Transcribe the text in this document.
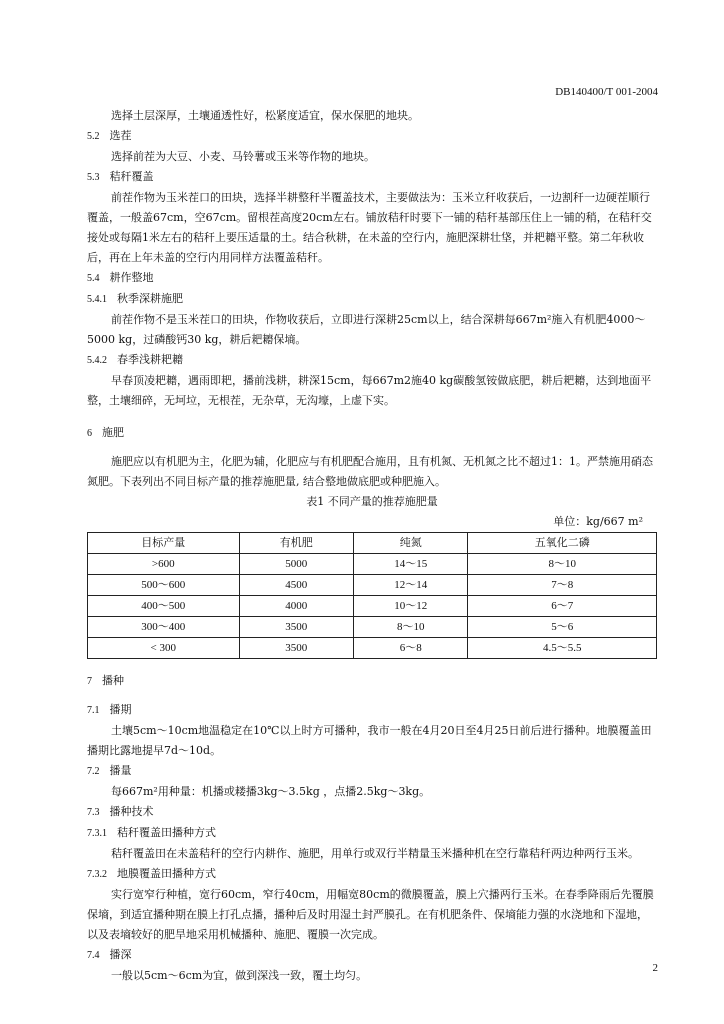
DB140400/T 001-2004

选择土层深厚，土壤通透性好，松紧度适宜，保水保肥的地块。

5.2 选茬

选择前茬为大豆、小麦、马铃薯或玉米等作物的地块。

5.3 秸秆覆盖

前茬作物为玉米茬口的田块，选择半耕整秆半覆盖技术，主要做法为：玉米立秆收获后，一边割秆一边硬茬顺行覆盖，一般盖67cm，空67cm。留根茬高度20cm左右。铺放秸秆时要下一铺的秸秆基部压住上一铺的稍，在秸秆交接处或每隔1米左右的秸秆上要压适量的土。结合秋耕，在未盖的空行内，施肥深耕壮垡，并耙耱平整。第二年秋收后，再在上年未盖的空行内用同样方法覆盖秸秆。

5.4 耕作整地

5.4.1 秋季深耕施肥

前茬作物不是玉米茬口的田块，作物收获后，立即进行深耕25cm以上，结合深耕每667m²施入有机肥4000～5000 kg，过磷酸钙30 kg，耕后耙耱保墒。

5.4.2 春季浅耕耙耱

早春顶凌耙耱，遇雨即耙，播前浅耕，耕深15cm，每667m2施40 kg碳酸氢铵做底肥，耕后耙耱，达到地面平整，土壤细碎，无坷垃，无根茬，无杂草，无沟壕，上虚下实。

6 施肥

施肥应以有机肥为主，化肥为辅，化肥应与有机肥配合施用，且有机氮、无机氮之比不超过1：1。严禁施用硝态氮肥。下表列出不同目标产量的推荐施肥量, 结合整地做底肥或种肥施入。

表1 不同产量的推荐施肥量

单位：kg/667 m²

目标产量	有机肥	纯氮	五氧化二磷
>600	5000	14～15	8～10
500～600	4500	12～14	7～8
400～500	4000	10～12	6～7
300～400	3500	8～10	5～6
< 300	3500	6～8	4.5～5.5

7 播种

7.1 播期

土壤5cm～10cm地温稳定在10℃以上时方可播种，我市一般在4月20日至4月25日前后进行播种。地膜覆盖田播期比露地提早7d～10d。

7.2 播量

每667m²用种量：机播或耧播3kg～3.5kg ，点播2.5kg～3kg。

7.3 播种技术

7.3.1 秸秆覆盖田播种方式

秸秆覆盖田在未盖秸秆的空行内耕作、施肥，用单行或双行半精量玉米播种机在空行靠秸秆两边种两行玉米。

7.3.2 地膜覆盖田播种方式

实行宽窄行种植，宽行60cm，窄行40cm，用幅宽80cm的微膜覆盖，膜上穴播两行玉米。在春季降雨后先覆膜保墒，到适宜播种期在膜上打孔点播，播种后及时用湿土封严膜孔。在有机肥条件、保墒能力强的水浇地和下湿地，以及表墒较好的肥旱地采用机械播种、施肥、覆膜一次完成。

7.4 播深

一般以5cm～6cm为宜，做到深浅一致，覆土均匀。

2
